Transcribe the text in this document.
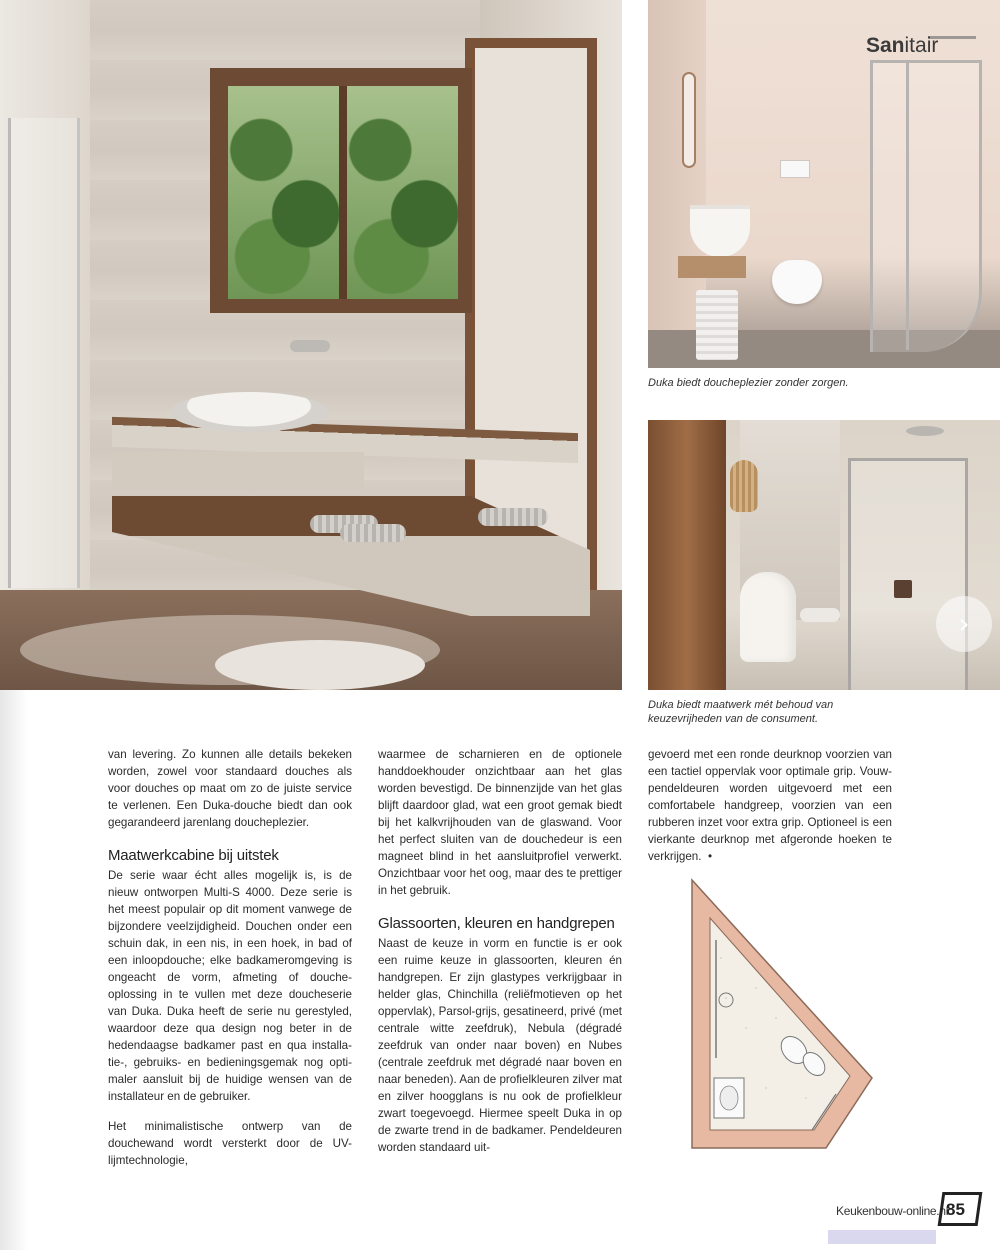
Sanitair
Duka biedt doucheplezier zonder zorgen.
›
Duka biedt maatwerk mét behoud van keuzevrijheden van de consument.

van levering. Zo kunnen alle details bekeken worden, zowel voor standaard douches als voor douches op maat om zo de juiste service te verlenen. Een Duka-douche biedt dan ook gegarandeerd jarenlang doucheplezier.

Maatwerkcabine bij uitstek

De serie waar écht alles mogelijk is, is de nieuw ontworpen Multi-S 4000. Deze serie is het meest populair op dit moment vanwege de bijzondere veelzijdigheid. Douchen onder een schuin dak, in een nis, in een hoek, in bad of een inloopdouche; elke badkameromgeving is ongeacht de vorm, afmeting of doucheoplossing in te vullen met deze doucheserie van Duka. Duka heeft de serie nu gerestyled, waardoor deze qua design nog beter in de hedendaagse badkamer past en qua installatie-, gebruiks- en bedieningsgemak nog optimaler aansluit bij de huidige wensen van de installateur en de gebruiker.

Het minimalistische ontwerp van de douchewand wordt versterkt door de UV-lijmtechnologie,

waarmee de scharnieren en de optionele handdoekhouder onzichtbaar aan het glas worden bevestigd. De binnenzijde van het glas blijft daardoor glad, wat een groot gemak biedt bij het kalkvrijhouden van de glaswand. Voor het perfect sluiten van de douchedeur is een magneet blind in het aansluitprofiel verwerkt. Onzichtbaar voor het oog, maar des te prettiger in het gebruik.

Glassoorten, kleuren en handgrepen

Naast de keuze in vorm en functie is er ook een ruime keuze in glassoorten, kleuren én handgrepen. Er zijn glastypes verkrijgbaar in helder glas, Chinchilla (reliëfmotieven op het oppervlak), Parsol-grijs, gesatineerd, privé (met centrale witte zeefdruk), Nebula (dégradé zeefdruk van onder naar boven) en Nubes (centrale zeefdruk met dégradé naar boven en naar beneden). Aan de profielkleuren zilver mat en zilver hoogglans is nu ook de profielkleur zwart toegevoegd. Hiermee speelt Duka in op de zwarte trend in de badkamer. Pendeldeuren worden standaard uit-

gevoerd met een ronde deurknop voorzien van een tactiel oppervlak voor optimale grip. Vouw-pendeldeuren worden uitgevoerd met een comfortabele handgreep, voorzien van een rubberen inzet voor extra grip. Optioneel is een vierkante deurknop met afgeronde hoeken te verkrijgen. •

Keukenbouw-online.nl
85
